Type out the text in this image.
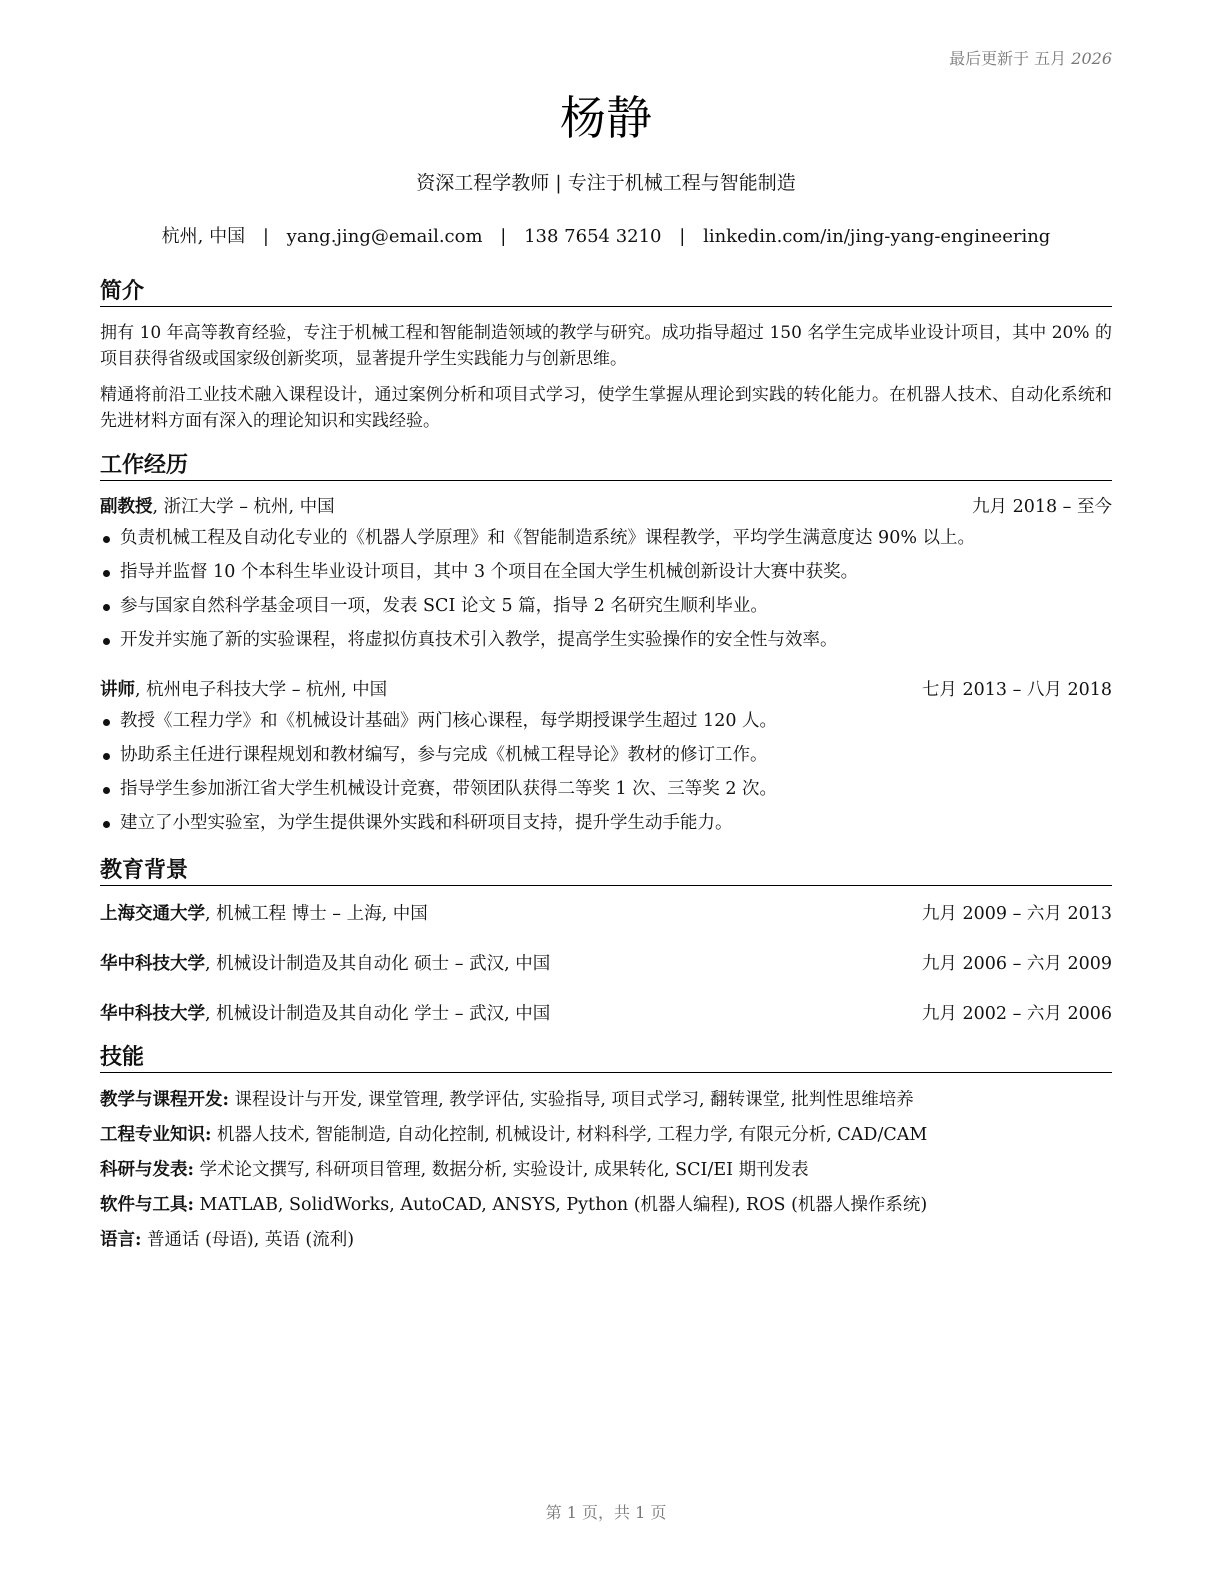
最后更新于 五月 2026
杨静
资深工程学教师 | 专注于机械工程与智能制造
杭州, 中国 | yang.jing@email.com | 138 7654 3210 | linkedin.com/in/jing-yang-engineering
简介

拥有 10 年高等教育经验，专注于机械工程和智能制造领域的教学与研究。成功指导超过 150 名学生完成毕业设计项目，其中 20% 的项目获得省级或国家级创新奖项，显著提升学生实践能力与创新思维。

精通将前沿工业技术融入课程设计，通过案例分析和项目式学习，使学生掌握从理论到实践的转化能力。在机器人技术、自动化系统和先进材料方面有深入的理论知识和实践经验。

工作经历
副教授, 浙江大学 – 杭州, 中国	九月 2018 – 至今
负责机械工程及自动化专业的《机器人学原理》和《智能制造系统》课程教学，平均学生满意度达 90% 以上。
指导并监督 10 个本科生毕业设计项目，其中 3 个项目在全国大学生机械创新设计大赛中获奖。
参与国家自然科学基金项目一项，发表 SCI 论文 5 篇，指导 2 名研究生顺利毕业。
开发并实施了新的实验课程，将虚拟仿真技术引入教学，提高学生实验操作的安全性与效率。
讲师, 杭州电子科技大学 – 杭州, 中国	七月 2013 – 八月 2018
教授《工程力学》和《机械设计基础》两门核心课程，每学期授课学生超过 120 人。
协助系主任进行课程规划和教材编写，参与完成《机械工程导论》教材的修订工作。
指导学生参加浙江省大学生机械设计竞赛，带领团队获得二等奖 1 次、三等奖 2 次。
建立了小型实验室，为学生提供课外实践和科研项目支持，提升学生动手能力。
教育背景
上海交通大学, 机械工程 博士 – 上海, 中国	九月 2009 – 六月 2013
华中科技大学, 机械设计制造及其自动化 硕士 – 武汉, 中国	九月 2006 – 六月 2009
华中科技大学, 机械设计制造及其自动化 学士 – 武汉, 中国	九月 2002 – 六月 2006
技能
教学与课程开发: 课程设计与开发, 课堂管理, 教学评估, 实验指导, 项目式学习, 翻转课堂, 批判性思维培养
工程专业知识: 机器人技术, 智能制造, 自动化控制, 机械设计, 材料科学, 工程力学, 有限元分析, CAD/CAM
科研与发表: 学术论文撰写, 科研项目管理, 数据分析, 实验设计, 成果转化, SCI/EI 期刊发表
软件与工具: MATLAB, SolidWorks, AutoCAD, ANSYS, Python (机器人编程), ROS (机器人操作系统)
语言: 普通话 (母语), 英语 (流利)
第 1 页，共 1 页
